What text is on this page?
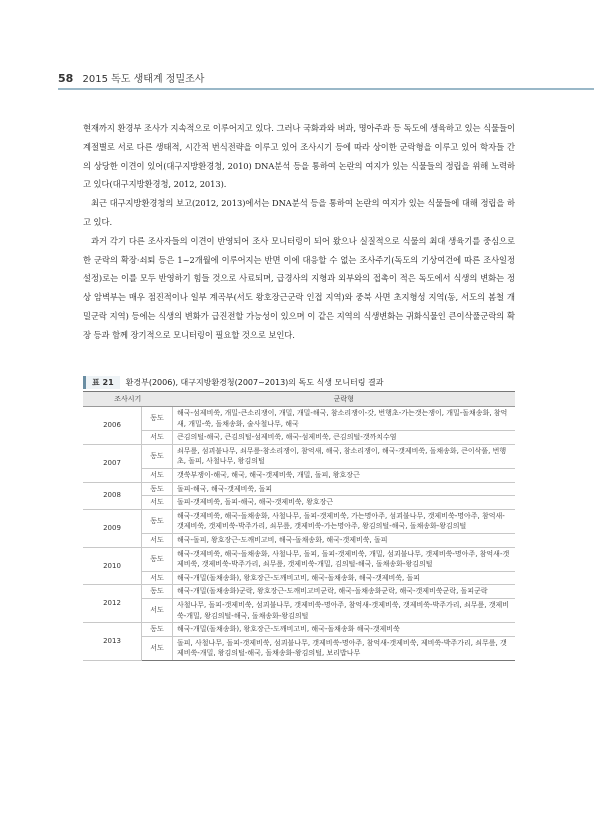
58 2015 독도 생태계 정밀조사

현재까지 환경부 조사가 지속적으로 이루어지고 있다. 그러나 국화과와 벼과, 명아주과 등 독도에 생육하고 있는 식물들이 계절별로 서로 다른 생태적, 시간적 번식전략을 이루고 있어 조사시기 등에 따라 상이한 군락형을 이루고 있어 학자들 간의 상당한 이견이 있어(대구지방환경청, 2010) DNA분석 등을 통하여 논란의 여지가 있는 식물들의 정립을 위해 노력하고 있다(대구지방환경청, 2012, 2013).

최근 대구지방환경청의 보고(2012, 2013)에서는 DNA분석 등을 통하여 논란의 여지가 있는 식물들에 대해 정립을 하고 있다.

과거 각기 다른 조사자들의 이견이 반영되어 조사 모니터링이 되어 왔으나 실질적으로 식물의 최대 생육기를 중심으로 한 군락의 확장·쇠퇴 등은 1~2개월에 이루어지는 반면 이에 대응할 수 없는 조사주기(독도의 기상여건에 따른 조사일정 설정)로는 이를 모두 반영하기 힘들 것으로 사료되며, 급경사의 지형과 외부와의 접촉이 적은 독도에서 식생의 변화는 정상 암벽부는 매우 점진적이나 일부 계곡부(서도 왕호장근군락 인접 지역)와 중북 사면 초지형성 지역(동, 서도의 봄철 개밀군락 지역) 등에는 식생의 변화가 급진전할 가능성이 있으며 이 같은 지역의 식생변화는 귀화식물인 큰이삭풀군락의 확장 등과 함께 장기적으로 모니터링이 필요할 것으로 보인다.

표 21	환경부(2006), 대구지방환경청(2007~2013)의 독도 식생 모니터링 결과
조사시기		군락형
2006	동도	해국-섬제비쑥, 개밀-큰소리쟁이, 개밀, 개밀-해국, 참소리쟁이-갓, 번행초-가는갯는쟁이, 개밀-돌채송화, 참억새, 개밀-쑥, 돌채송화, 술사철나무, 해국
	서도	큰김의털-해국, 큰김의털-섬제비쑥, 해국-섬제비쑥, 큰김의털-갯까치수염
2007	동도	쇠무릎, 섬괴불나무, 쇠무릎-참소리쟁이, 참억새, 해국, 참소리쟁이, 해국-갯제비쑥, 돌채송화, 큰이삭풀, 번행초, 돌피, 사철나무, 왕김의털
	서도	갯쑥부쟁이-해국, 해국, 해국-갯제비쑥, 개밀, 돌피, 왕호장근
2008	동도	돌피-해국, 해국-갯제비쑥, 돌피
	서도	돌피-갯제비쑥, 돌피-해국, 해국-갯제비쑥, 왕호장근
2009	동도	해국-갯제비쑥, 해국-돌채송화, 사철나무, 돌피-갯제비쑥, 가는명아주, 섬괴불나무, 갯제비쑥-명아주, 참억새-갯제비쑥, 갯제비쑥-박주가리, 쇠무릎, 갯제비쑥-가는명아주, 왕김의털-해국, 돌채송화-왕김의털
	서도	해국-돌피, 왕호장근-도깨비고비, 해국-돌채송화, 해국-갯제비쑥, 돌피
2010	동도	해국-갯제비쑥, 해국-돌채송화, 사철나무, 돌피, 돌피-갯제비쑥, 개밀, 섬괴불나무, 갯제비쑥-명아주, 참억새-갯제비쑥, 갯제비쑥-박주가리, 쇠무릎, 갯제비쑥-개밀, 김의털-해국, 돌채송화-왕김의털
	서도	해국-개밀(돌채송화), 왕호장근-도깨비고비, 해국-돌채송화, 해국-갯제비쑥, 돌피
2012	동도	해국-개밀(돌채송화)군락, 왕호장근-도깨비고비군락, 해국-돌채송화군락, 해국-갯제비쑥군락, 돌피군락
	서도	사철나무, 돌피-갯제비쑥, 섬괴불나무, 갯제비쑥-명아주, 참억새-갯제비쑥, 갯제비쑥-박주가리, 쇠무릎, 갯제비쑥-개밀, 왕김의털-해국, 돌채송화-왕김의털
2013	동도	해국-개밀(돌채송화), 왕호장근-도깨비고비, 해국-돌채송화 해국-갯제비쑥
	서도	돌피, 사철나무, 돌피-갯제비쑥, 섬괴불나무, 갯제비쑥-명아주, 참억새-갯제비쑥, 제비쑥-박주가리, 쇠무릎, 갯제비쑥-개밀, 왕김의털-해국, 돌채송화-왕김의털, 보리밥나무
